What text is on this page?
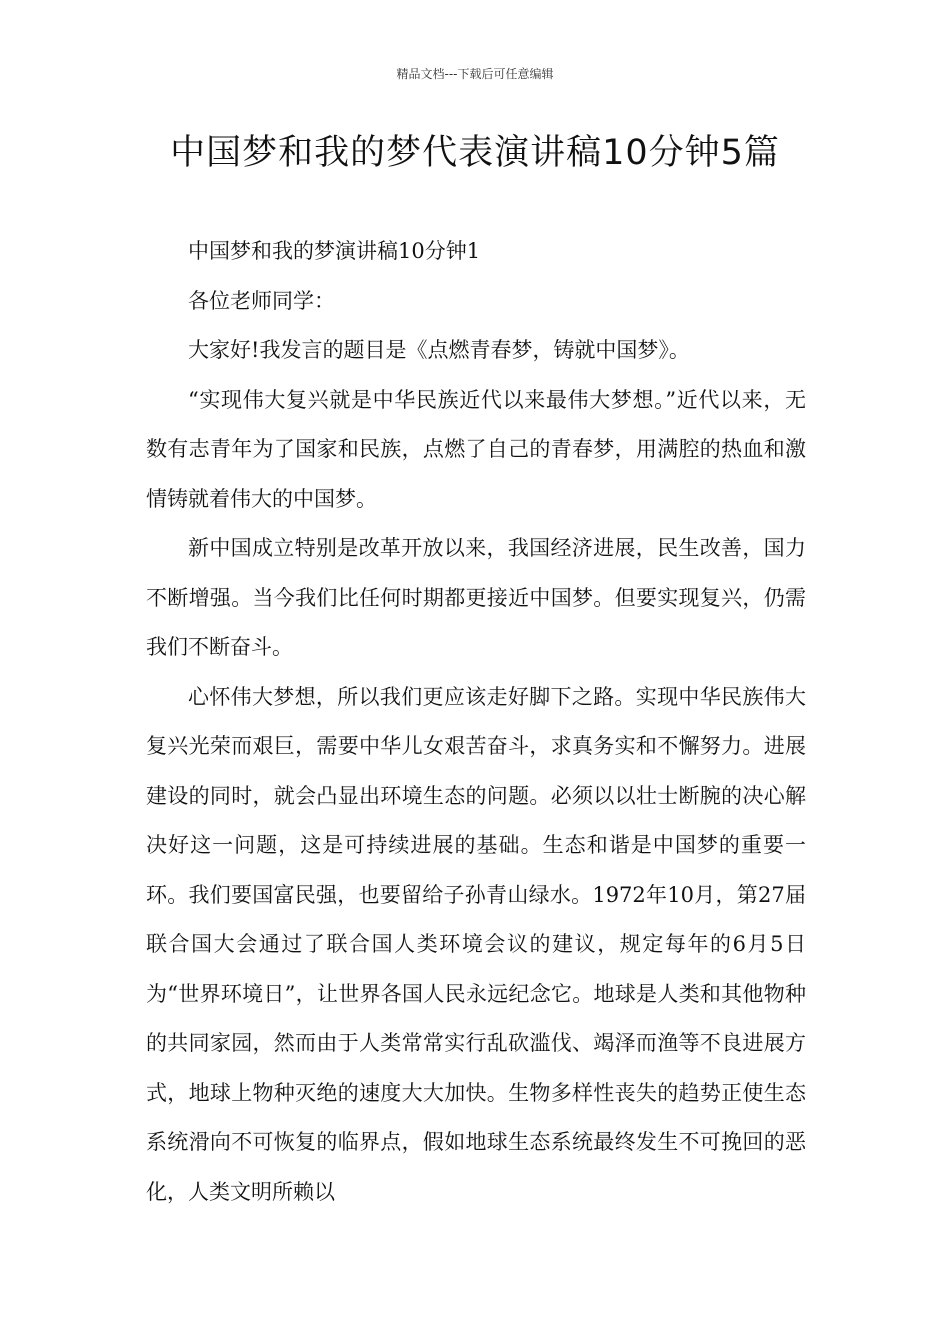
精品文档---下载后可任意编辑
中国梦和我的梦代表演讲稿10分钟5篇

中国梦和我的梦演讲稿10分钟1

各位老师同学：

大家好!我发言的题目是《点燃青春梦，铸就中国梦》。

“实现伟大复兴就是中华民族近代以来最伟大梦想。”近代以来，无数有志青年为了国家和民族，点燃了自己的青春梦，用满腔的热血和激情铸就着伟大的中国梦。

新中国成立特别是改革开放以来，我国经济进展，民生改善，国力不断增强。当今我们比任何时期都更接近中国梦。但要实现复兴，仍需我们不断奋斗。

心怀伟大梦想，所以我们更应该走好脚下之路。实现中华民族伟大复兴光荣而艰巨，需要中华儿女艰苦奋斗，求真务实和不懈努力。进展建设的同时，就会凸显出环境生态的问题。必须以以壮士断腕的决心解决好这一问题，这是可持续进展的基础。生态和谐是中国梦的重要一环。我们要国富民强，也要留给子孙青山绿水。1972年10月，第27届联合国大会通过了联合国人类环境会议的建议，规定每年的6月5日为“世界环境日”，让世界各国人民永远纪念它。地球是人类和其他物种的共同家园，然而由于人类常常实行乱砍滥伐、竭泽而渔等不良进展方式，地球上物种灭绝的速度大大加快。生物多样性丧失的趋势正使生态系统滑向不可恢复的临界点，假如地球生态系统最终发生不可挽回的恶化，人类文明所赖以
